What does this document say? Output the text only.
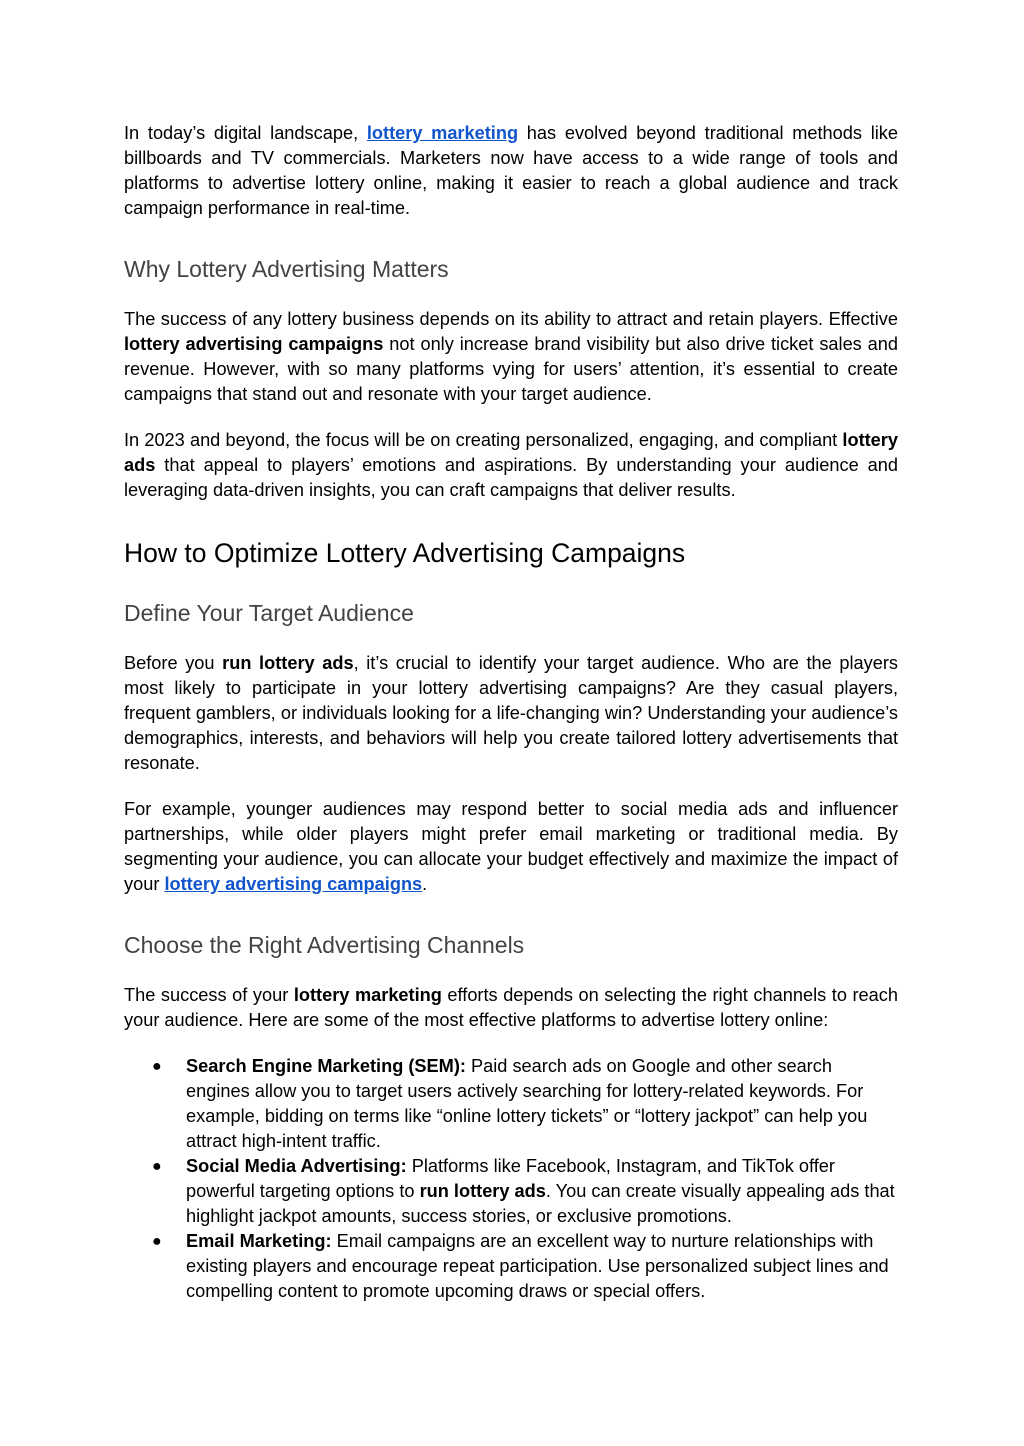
In today’s digital landscape, lottery marketing has evolved beyond traditional methods like billboards and TV commercials. Marketers now have access to a wide range of tools and platforms to advertise lottery online, making it easier to reach a global audience and track campaign performance in real-time.

Why Lottery Advertising Matters

The success of any lottery business depends on its ability to attract and retain players. Effective lottery advertising campaigns not only increase brand visibility but also drive ticket sales and revenue. However, with so many platforms vying for users’ attention, it’s essential to create campaigns that stand out and resonate with your target audience.

In 2023 and beyond, the focus will be on creating personalized, engaging, and compliant lottery ads that appeal to players’ emotions and aspirations. By understanding your audience and leveraging data-driven insights, you can craft campaigns that deliver results.

How to Optimize Lottery Advertising Campaigns
Define Your Target Audience

Before you run lottery ads, it’s crucial to identify your target audience. Who are the players most likely to participate in your lottery advertising campaigns? Are they casual players, frequent gamblers, or individuals looking for a life-changing win? Understanding your audience’s demographics, interests, and behaviors will help you create tailored lottery advertisements that resonate.

For example, younger audiences may respond better to social media ads and influencer partnerships, while older players might prefer email marketing or traditional media. By segmenting your audience, you can allocate your budget effectively and maximize the impact of your lottery advertising campaigns.

Choose the Right Advertising Channels

The success of your lottery marketing efforts depends on selecting the right channels to reach your audience. Here are some of the most effective platforms to advertise lottery online:

● Search Engine Marketing (SEM): Paid search ads on Google and other search engines allow you to target users actively searching for lottery-related keywords. For example, bidding on terms like “online lottery tickets” or “lottery jackpot” can help you attract high-intent traffic.
● Social Media Advertising: Platforms like Facebook, Instagram, and TikTok offer powerful targeting options to run lottery ads. You can create visually appealing ads that highlight jackpot amounts, success stories, or exclusive promotions.
● Email Marketing: Email campaigns are an excellent way to nurture relationships with existing players and encourage repeat participation. Use personalized subject lines and compelling content to promote upcoming draws or special offers.
